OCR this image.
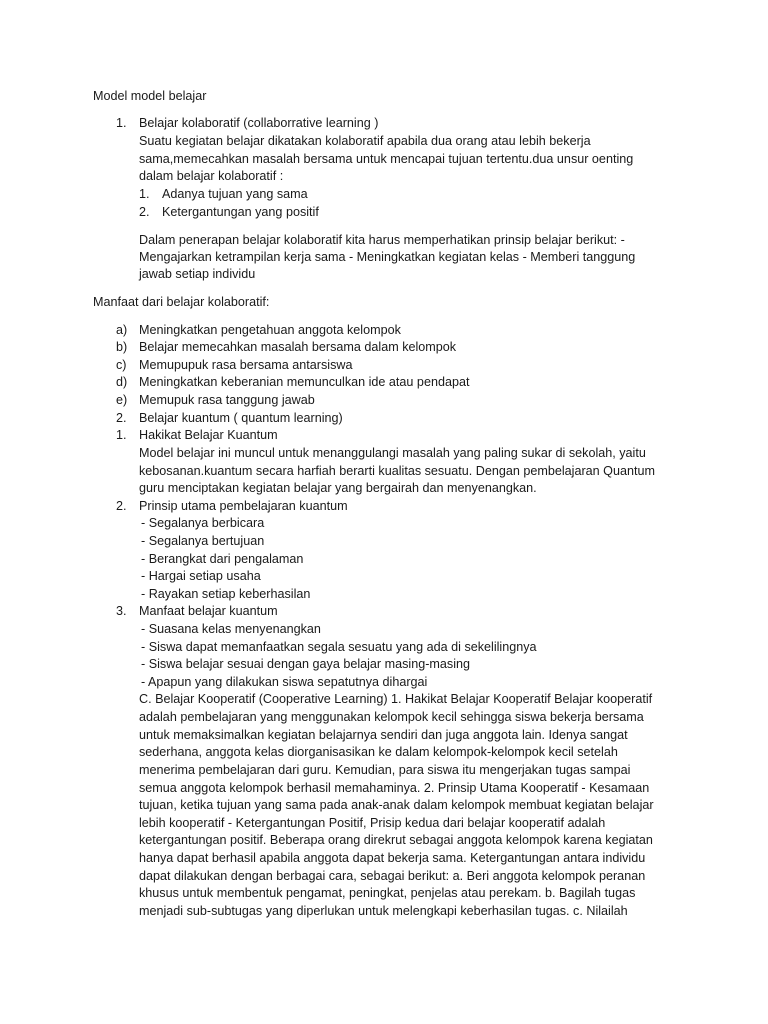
Model model belajar
1. Belajar kolaboratif (collaborrative learning )
Suatu kegiatan belajar dikatakan kolaboratif apabila dua orang atau lebih bekerja
sama,memecahkan masalah bersama untuk mencapai tujuan tertentu.dua unsur oenting
dalam belajar kolaboratif :
1. Adanya tujuan yang sama
2. Ketergantungan yang positif
Dalam penerapan belajar kolaboratif kita harus memperhatikan prinsip belajar berikut: -
Mengajarkan ketrampilan kerja sama - Meningkatkan kegiatan kelas - Memberi tanggung
jawab setiap individu
Manfaat dari belajar kolaboratif:
a) Meningkatkan pengetahuan anggota kelompok
b) Belajar memecahkan masalah bersama dalam kelompok
c) Memupupuk rasa bersama antarsiswa
d) Meningkatkan keberanian memunculkan ide atau pendapat
e) Memupuk rasa tanggung jawab
2. Belajar kuantum ( quantum learning)
1. Hakikat Belajar Kuantum
Model belajar ini muncul untuk menanggulangi masalah yang paling sukar di sekolah, yaitu
kebosanan.kuantum secara harfiah berarti kualitas sesuatu. Dengan pembelajaran Quantum
guru menciptakan kegiatan belajar yang bergairah dan menyenangkan.
2. Prinsip utama pembelajaran kuantum
- Segalanya berbicara
- Segalanya bertujuan
- Berangkat dari pengalaman
- Hargai setiap usaha
- Rayakan setiap keberhasilan
3. Manfaat belajar kuantum
- Suasana kelas menyenangkan
- Siswa dapat memanfaatkan segala sesuatu yang ada di sekelilingnya
- Siswa belajar sesuai dengan gaya belajar masing-masing
- Apapun yang dilakukan siswa sepatutnya dihargai
C. Belajar Kooperatif (Cooperative Learning) 1. Hakikat Belajar Kooperatif Belajar kooperatif
adalah pembelajaran yang menggunakan kelompok kecil sehingga siswa bekerja bersama
untuk memaksimalkan kegiatan belajarnya sendiri dan juga anggota lain. Idenya sangat
sederhana, anggota kelas diorganisasikan ke dalam kelompok-kelompok kecil setelah
menerima pembelajaran dari guru. Kemudian, para siswa itu mengerjakan tugas sampai
semua anggota kelompok berhasil memahaminya. 2. Prinsip Utama Kooperatif - Kesamaan
tujuan, ketika tujuan yang sama pada anak-anak dalam kelompok membuat kegiatan belajar
lebih kooperatif - Ketergantungan Positif, Prisip kedua dari belajar kooperatif adalah
ketergantungan positif. Beberapa orang direkrut sebagai anggota kelompok karena kegiatan
hanya dapat berhasil apabila anggota dapat bekerja sama. Ketergantungan antara individu
dapat dilakukan dengan berbagai cara, sebagai berikut: a. Beri anggota kelompok peranan
khusus untuk membentuk pengamat, peningkat, penjelas atau perekam. b. Bagilah tugas
menjadi sub-subtugas yang diperlukan untuk melengkapi keberhasilan tugas. c. Nilailah
